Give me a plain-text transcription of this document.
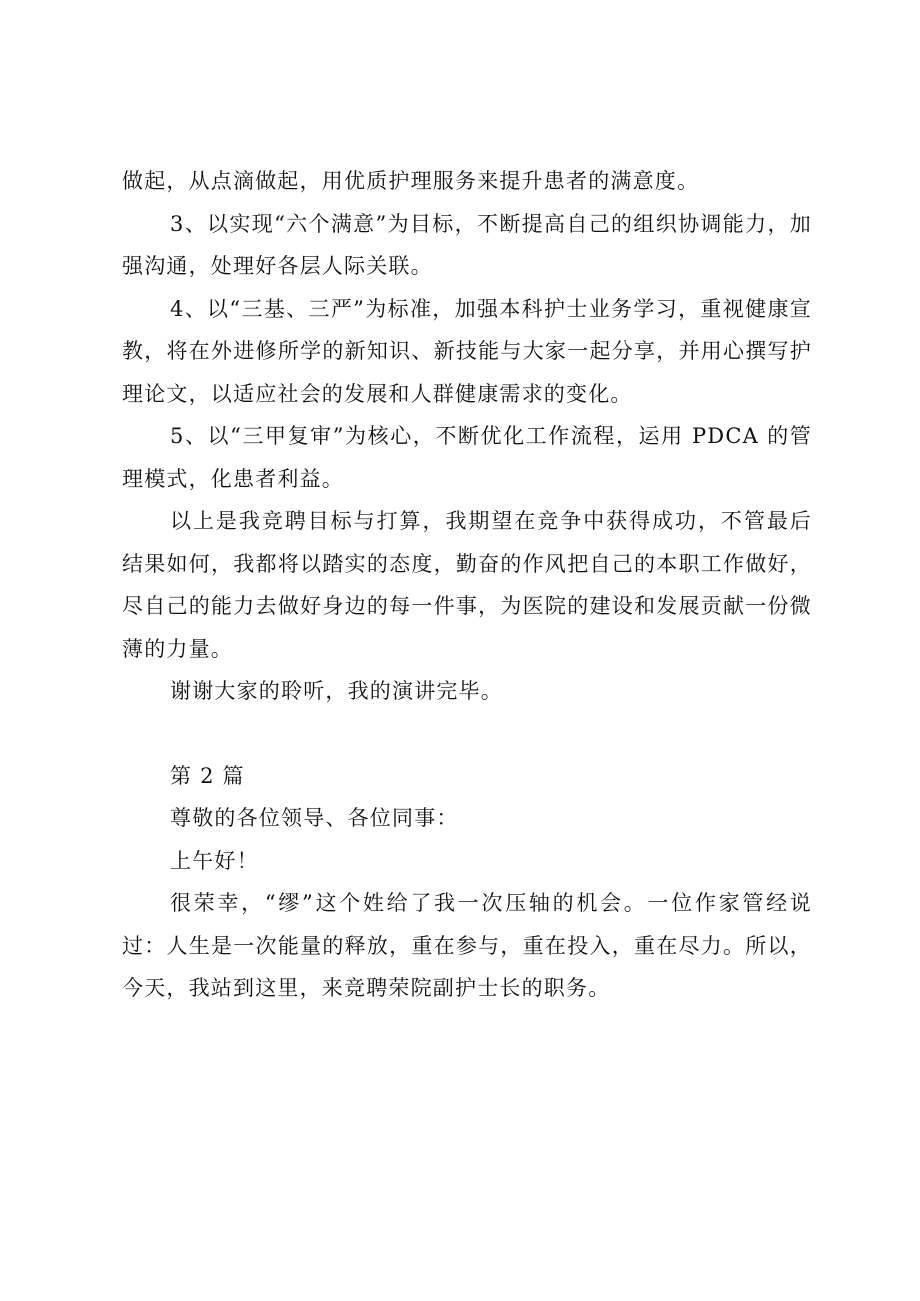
做起，从点滴做起，用优质护理服务来提升患者的满意度。

3、以实现“六个满意”为目标，不断提高自己的组织协调能力，加强沟通，处理好各层人际关联。

4、以“三基、三严”为标准，加强本科护士业务学习，重视健康宣教，将在外进修所学的新知识、新技能与大家一起分享，并用心撰写护理论文，以适应社会的发展和人群健康需求的变化。

5、以“三甲复审”为核心，不断优化工作流程，运用 PDCA 的管理模式，化患者利益。

以上是我竞聘目标与打算，我期望在竞争中获得成功，不管最后结果如何，我都将以踏实的态度，勤奋的作风把自己的本职工作做好，尽自己的能力去做好身边的每一件事，为医院的建设和发展贡献一份微薄的力量。

谢谢大家的聆听，我的演讲完毕。

第 2 篇

尊敬的各位领导、各位同事：

上午好！

很荣幸，“缪”这个姓给了我一次压轴的机会。一位作家管经说过：人生是一次能量的释放，重在参与，重在投入，重在尽力。所以，今天，我站到这里，来竞聘荣院副护士长的职务。
